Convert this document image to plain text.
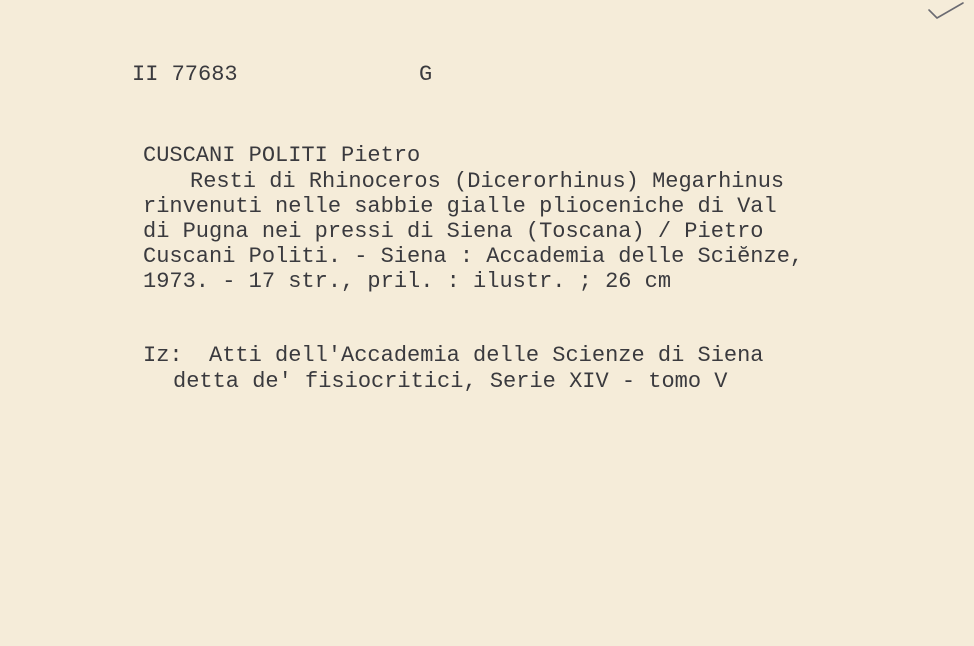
II 77683	G
CUSCANI POLITI Pietro
Resti di Rhinoceros (Dicerorhinus) Megarhinus
rinvenuti nelle sabbie gialle plioceniche di Val
di Pugna nei pressi di Siena (Toscana) / Pietro
Cuscani Politi. - Siena : Accademia delle Sciĕnze,
1973. - 17 str., pril. : ilustr. ; 26 cm
Iz:  Atti dell'Accademia delle Scienze di Siena
detta de' fisiocritici, Serie XIV - tomo V
